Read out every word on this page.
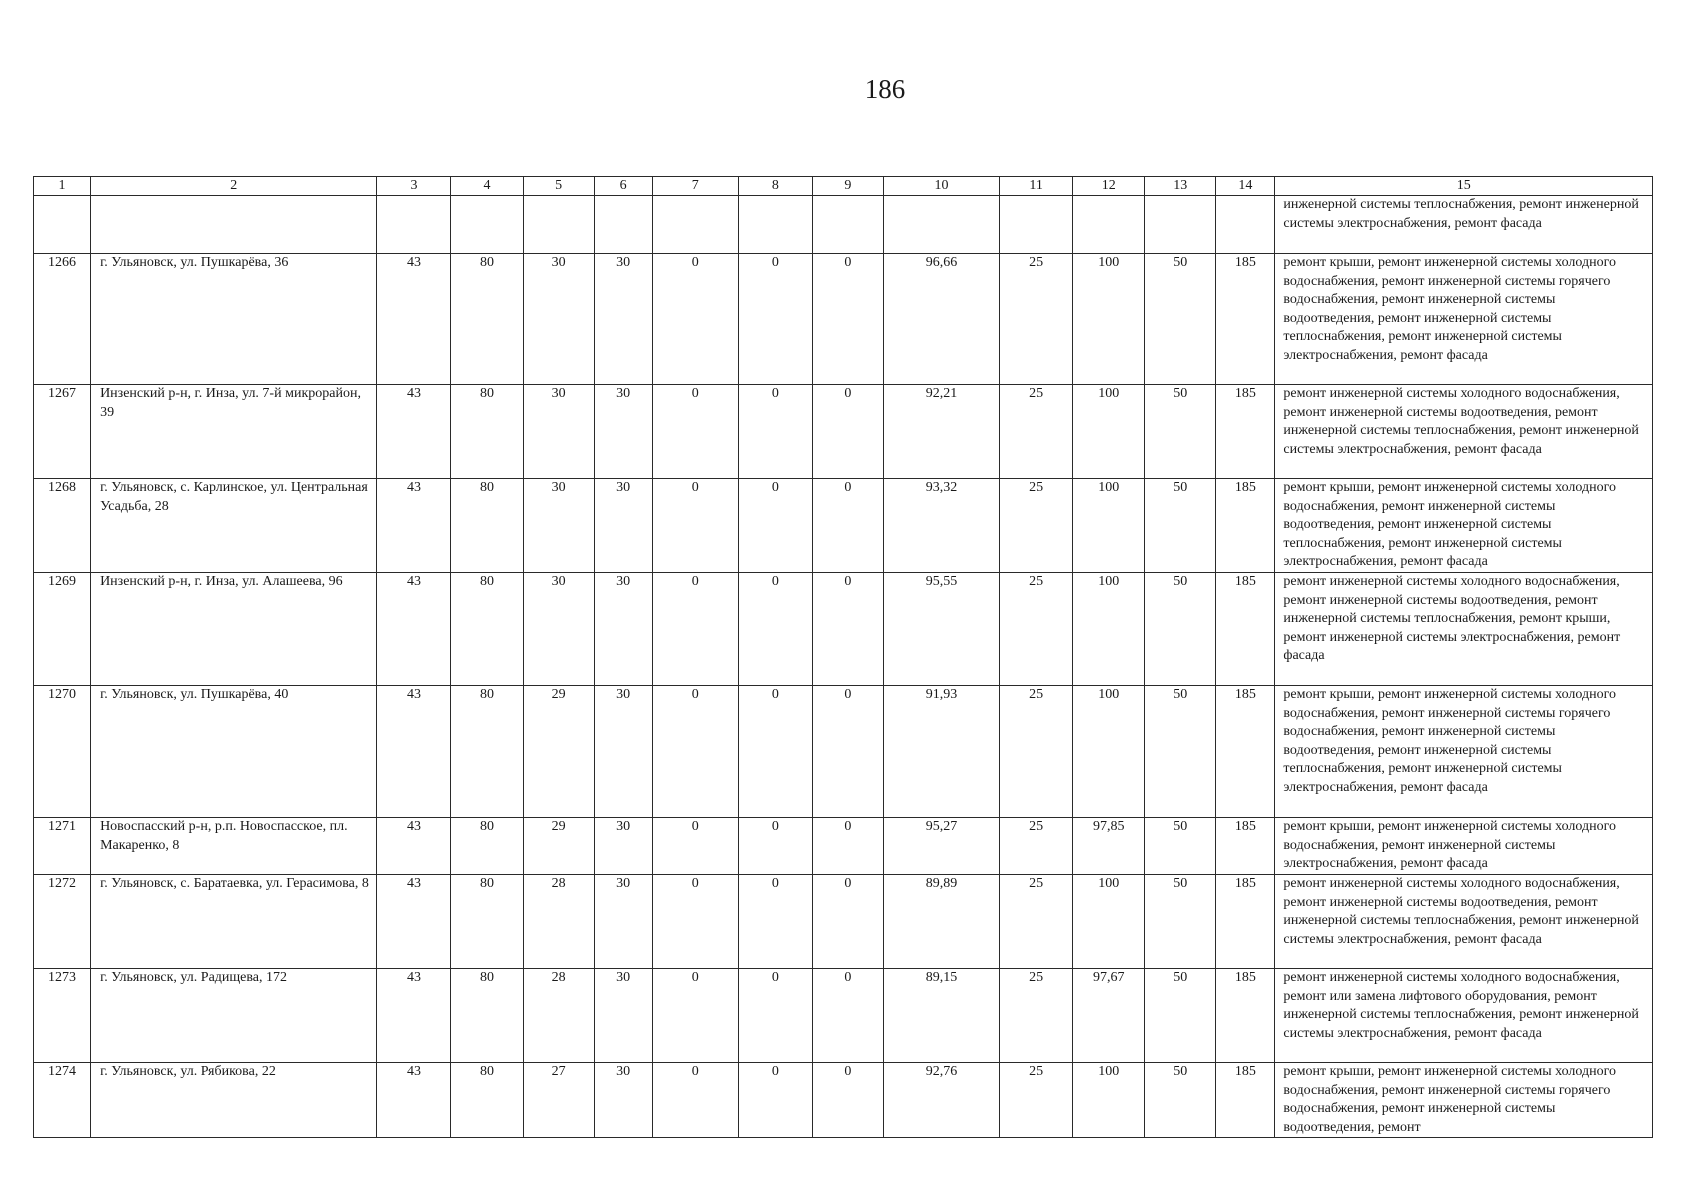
186
1	2	3	4	5	6	7	8	9	10	11	12	13	14	15
														инженерной системы теплоснабжения, ремонт инженерной системы электроснабжения, ремонт фасада
1266	г. Ульяновск, ул. Пушкарёва, 36	43	80	30	30	0	0	0	96,66	25	100	50	185	ремонт крыши, ремонт инженерной системы холодного водоснабжения, ремонт инженерной системы горячего водоснабжения, ремонт инженерной системы водоотведения, ремонт инженерной системы теплоснабжения, ремонт инженерной системы электроснабжения, ремонт фасада
1267	Инзенский р-н, г. Инза, ул. 7-й микрорайон, 39	43	80	30	30	0	0	0	92,21	25	100	50	185	ремонт инженерной системы холодного водоснабжения, ремонт инженерной системы водоотведения, ремонт инженерной системы теплоснабжения, ремонт инженерной системы электроснабжения, ремонт фасада
1268	г. Ульяновск, с. Карлинское, ул. Центральная Усадьба, 28	43	80	30	30	0	0	0	93,32	25	100	50	185	ремонт крыши, ремонт инженерной системы холодного водоснабжения, ремонт инженерной системы водоотведения, ремонт инженерной системы теплоснабжения, ремонт инженерной системы электроснабжения, ремонт фасада
1269	Инзенский р-н, г. Инза, ул. Алашеева, 96	43	80	30	30	0	0	0	95,55	25	100	50	185	ремонт инженерной системы холодного водоснабжения, ремонт инженерной системы водоотведения, ремонт инженерной системы теплоснабжения, ремонт крыши, ремонт инженерной системы электроснабжения, ремонт фасада
1270	г. Ульяновск, ул. Пушкарёва, 40	43	80	29	30	0	0	0	91,93	25	100	50	185	ремонт крыши, ремонт инженерной системы холодного водоснабжения, ремонт инженерной системы горячего водоснабжения, ремонт инженерной системы водоотведения, ремонт инженерной системы теплоснабжения, ремонт инженерной системы электроснабжения, ремонт фасада
1271	Новоспасский р-н, р.п. Новоспасское, пл. Макаренко, 8	43	80	29	30	0	0	0	95,27	25	97,85	50	185	ремонт крыши, ремонт инженерной системы холодного водоснабжения, ремонт инженерной системы электроснабжения, ремонт фасада
1272	г. Ульяновск, с. Баратаевка, ул. Герасимова, 8	43	80	28	30	0	0	0	89,89	25	100	50	185	ремонт инженерной системы холодного водоснабжения, ремонт инженерной системы водоотведения, ремонт инженерной системы теплоснабжения, ремонт инженерной системы электроснабжения, ремонт фасада
1273	г. Ульяновск, ул. Радищева, 172	43	80	28	30	0	0	0	89,15	25	97,67	50	185	ремонт инженерной системы холодного водоснабжения, ремонт или замена лифтового оборудования, ремонт инженерной системы теплоснабжения, ремонт инженерной системы электроснабжения, ремонт фасада
1274	г. Ульяновск, ул. Рябикова, 22	43	80	27	30	0	0	0	92,76	25	100	50	185	ремонт крыши, ремонт инженерной системы холодного водоснабжения, ремонт инженерной системы горячего водоснабжения, ремонт инженерной системы водоотведения, ремонт
